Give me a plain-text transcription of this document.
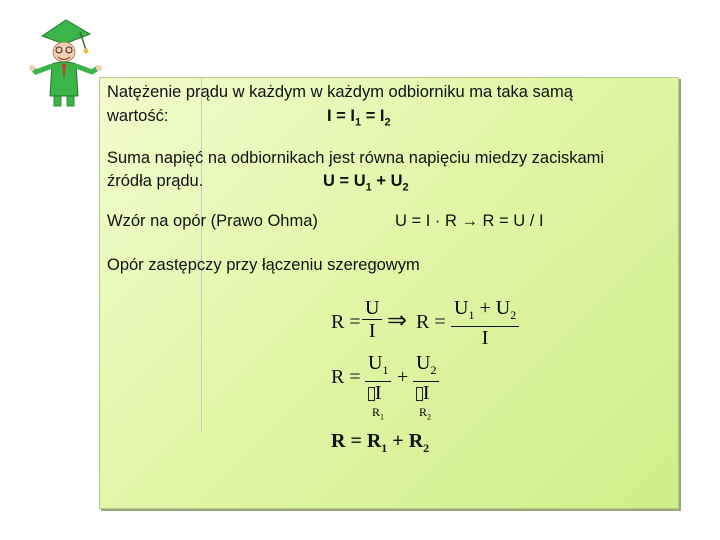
Natężenie prądu w każdym w każdym odbiorniku ma taka samą
wartość:	$I = I_1 = I_2$
Suma napięć na odbiornikach jest równa napięciu miedzy zaciskami
źródła prądu.	$U = U_1 + U_2$
Wzór na opór (Prawo Ohma)	U = I · R → R = U / I
Opór zastępczy przy łączeniu szeregowym
$R = \frac{U}{I}$ ⇒ $R = \frac{U_1 + U_2}{I}$
$R = \frac{U_1}{I} + \frac{U_2}{I}$
$R_1$	$R_2$
$R = R_1 + R_2$
